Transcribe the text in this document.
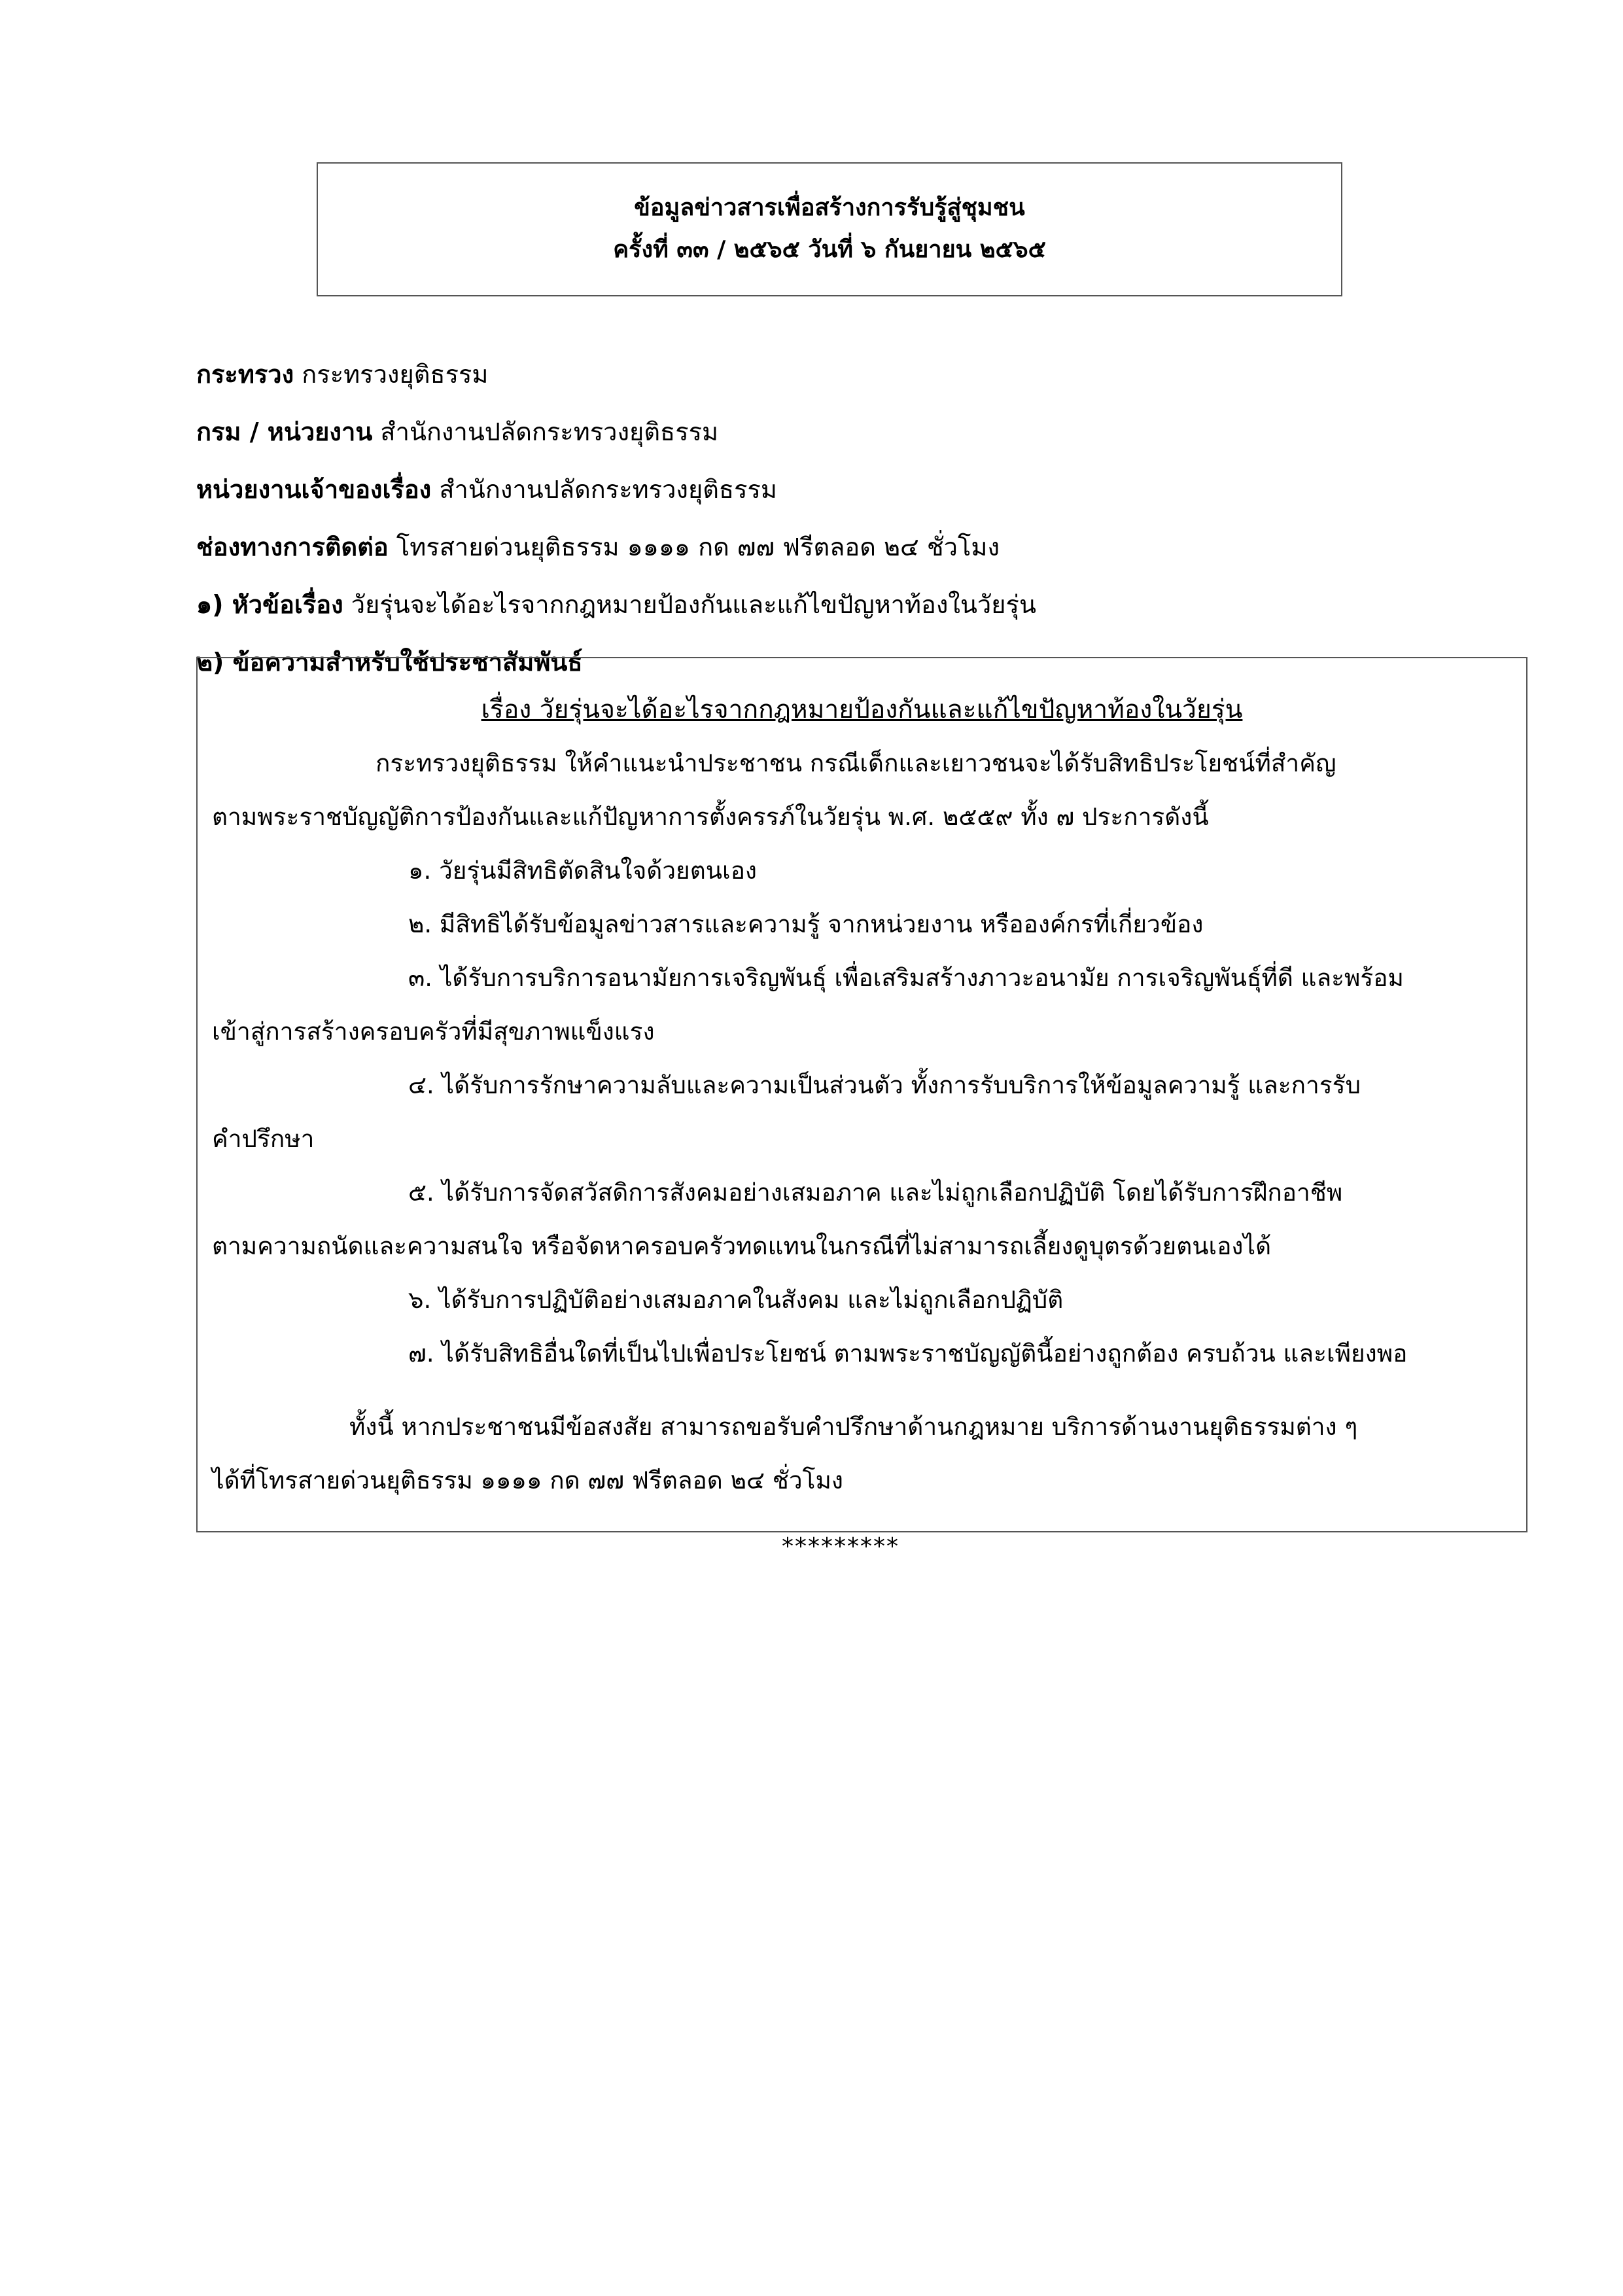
ข้อมูลข่าวสารเพื่อสร้างการรับรู้สู่ชุมชน
ครั้งที่ ๓๓ / ๒๕๖๕ วันที่ ๖ กันยายน ๒๕๖๕
กระทรวง กระทรวงยุติธรรม
กรม / หน่วยงาน สำนักงานปลัดกระทรวงยุติธรรม
หน่วยงานเจ้าของเรื่อง สำนักงานปลัดกระทรวงยุติธรรม
ช่องทางการติดต่อ โทรสายด่วนยุติธรรม ๑๑๑๑ กด ๗๗ ฟรีตลอด ๒๔ ชั่วโมง
๑) หัวข้อเรื่อง วัยรุ่นจะได้อะไรจากกฎหมายป้องกันและแก้ไขปัญหาท้องในวัยรุ่น
๒) ข้อความสำหรับใช้ประชาสัมพันธ์
เรื่อง วัยรุ่นจะได้อะไรจากกฎหมายป้องกันและแก้ไขปัญหาท้องในวัยรุ่น
กระทรวงยุติธรรม ให้คำแนะนำประชาชน กรณีเด็กและเยาวชนจะได้รับสิทธิประโยชน์ที่สำคัญ
ตามพระราชบัญญัติการป้องกันและแก้ปัญหาการตั้งครรภ์ในวัยรุ่น พ.ศ. ๒๕๕๙ ทั้ง ๗ ประการดังนี้
๑. วัยรุ่นมีสิทธิตัดสินใจด้วยตนเอง
๒. มีสิทธิได้รับข้อมูลข่าวสารและความรู้ จากหน่วยงาน หรือองค์กรที่เกี่ยวข้อง
๓. ได้รับการบริการอนามัยการเจริญพันธุ์ เพื่อเสริมสร้างภาวะอนามัย การเจริญพันธุ์ที่ดี และพร้อม
เข้าสู่การสร้างครอบครัวที่มีสุขภาพแข็งแรง
๔. ได้รับการรักษาความลับและความเป็นส่วนตัว ทั้งการรับบริการให้ข้อมูลความรู้ และการรับ
คำปรึกษา
๕. ได้รับการจัดสวัสดิการสังคมอย่างเสมอภาค และไม่ถูกเลือกปฏิบัติ โดยได้รับการฝึกอาชีพ
ตามความถนัดและความสนใจ หรือจัดหาครอบครัวทดแทนในกรณีที่ไม่สามารถเลี้ยงดูบุตรด้วยตนเองได้
๖. ได้รับการปฏิบัติอย่างเสมอภาคในสังคม และไม่ถูกเลือกปฏิบัติ
๗. ได้รับสิทธิอื่นใดที่เป็นไปเพื่อประโยชน์ ตามพระราชบัญญัตินี้อย่างถูกต้อง ครบถ้วน และเพียงพอ
ทั้งนี้ หากประชาชนมีข้อสงสัย สามารถขอรับคำปรึกษาด้านกฎหมาย บริการด้านงานยุติธรรมต่าง ๆ
ได้ที่โทรสายด่วนยุติธรรม ๑๑๑๑ กด ๗๗ ฟรีตลอด ๒๔ ชั่วโมง
*********
